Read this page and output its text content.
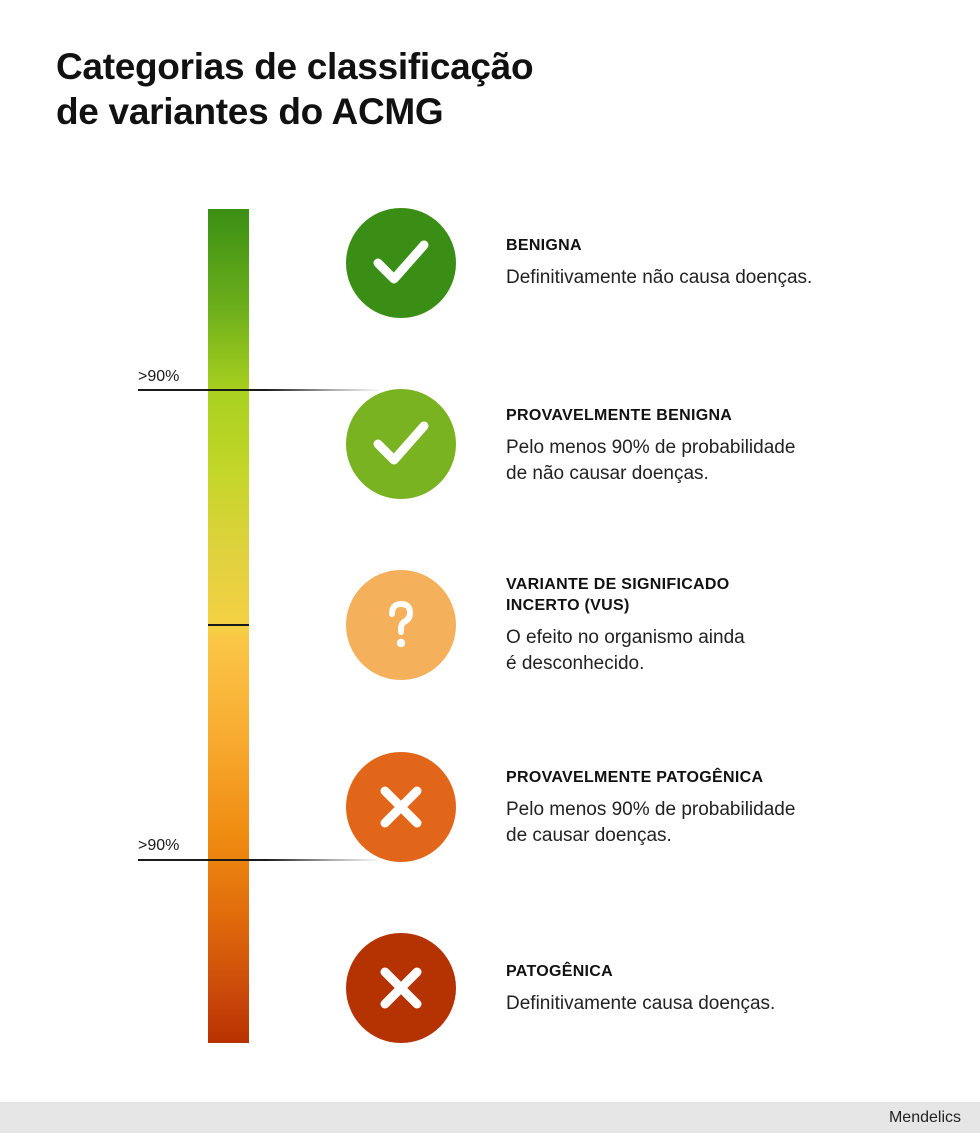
Categorias de classificação
de variantes do ACMG
>90%
>90%
BENIGNA
Definitivamente não causa doenças.
PROVAVELMENTE BENIGNA
Pelo menos 90% de probabilidade
de não causar doenças.
VARIANTE DE SIGNIFICADO
INCERTO (VUS)
O efeito no organismo ainda
é desconhecido.
PROVAVELMENTE PATOGÊNICA
Pelo menos 90% de probabilidade
de causar doenças.
PATOGÊNICA
Definitivamente causa doenças.
Mendelics
